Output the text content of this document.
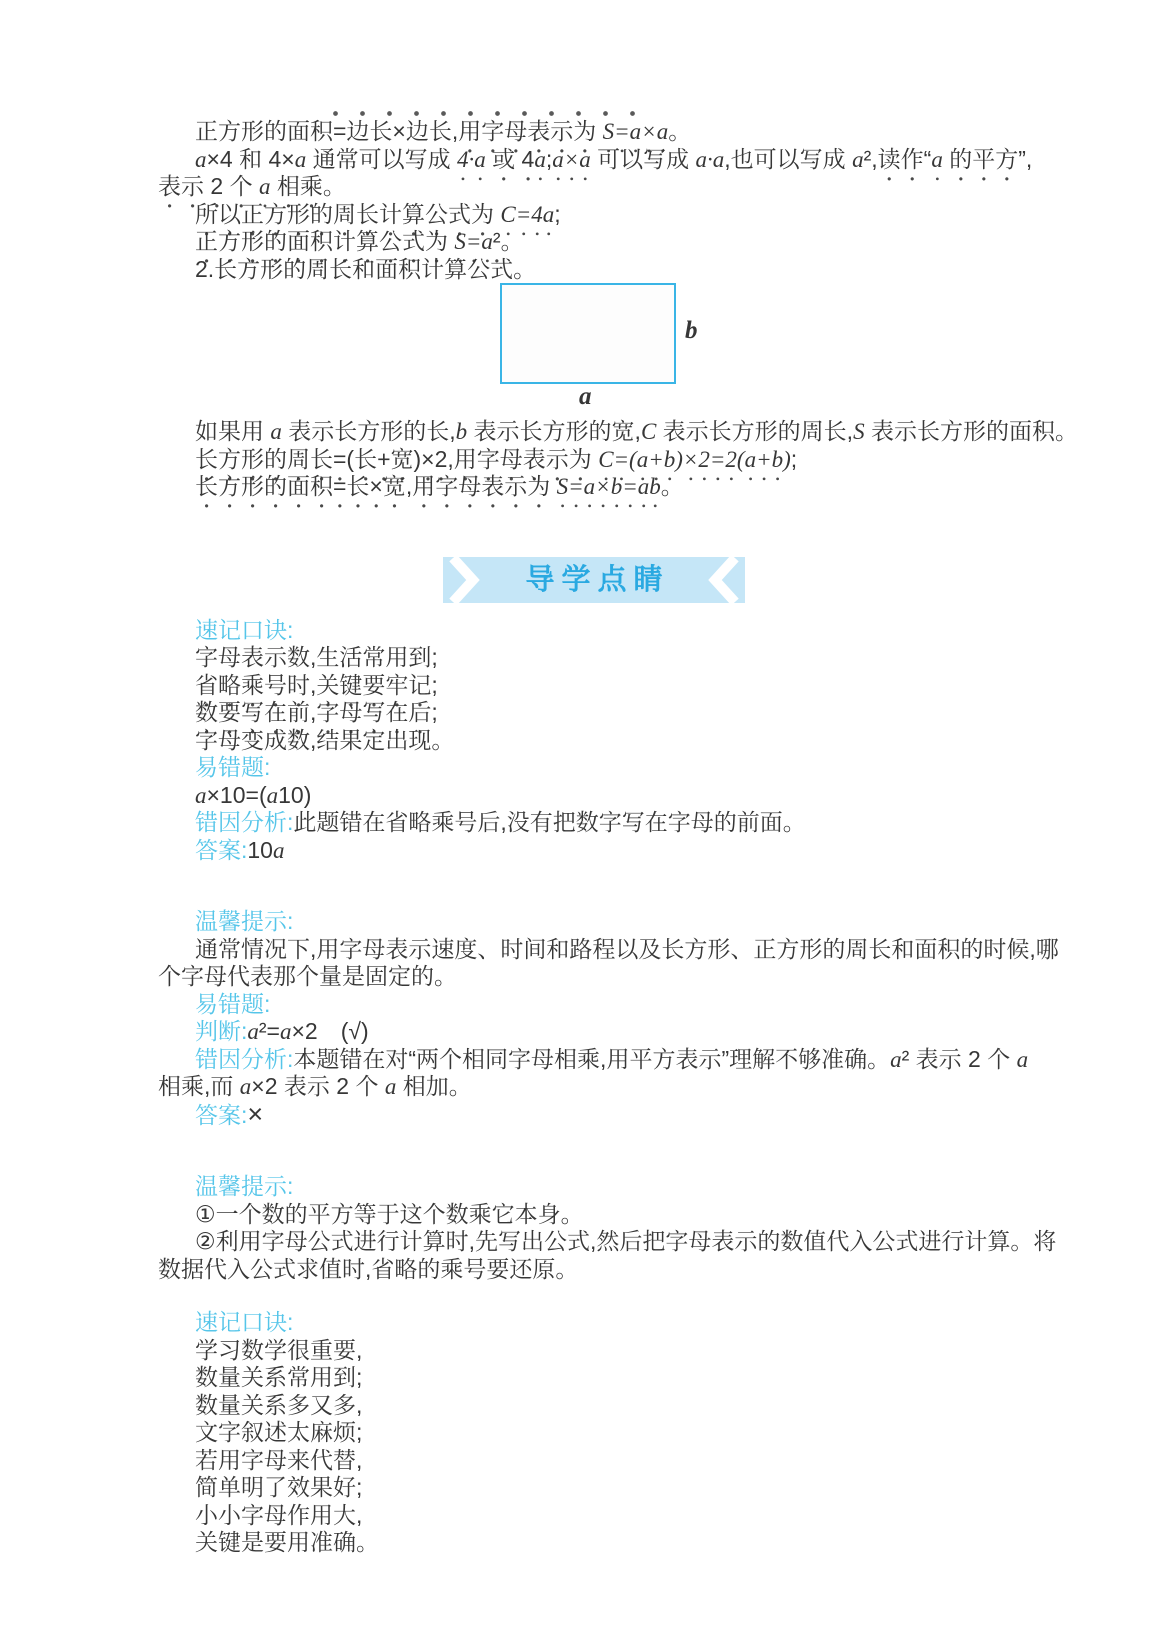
正方形的面积=边长×边长,用字母表示为 S=a×a。
a×4 和 4×a 通常可以写成 4·a 或 4a;a×a 可以写成 a·a,也可以写成 a²,读作“a 的平方”,
表示 2 个 a 相乘。
所以正方形的周长计算公式为 C=4a;
正方形的面积计算公式为 S=a²。
2.长方形的周长和面积计算公式。
b
a
如果用 a 表示长方形的长,b 表示长方形的宽,C 表示长方形的周长,S 表示长方形的面积。
长方形的周长=(长+宽)×2,用字母表示为 C=(a+b)×2=2(a+b);
长方形的面积=长×宽,用字母表示为 S=a×b=ab。
导学点睛
速记口诀:
字母表示数,生活常用到;
省略乘号时,关键要牢记;
数要写在前,字母写在后;
字母变成数,结果定出现。
易错题:
a×10=(a10)
错因分析:此题错在省略乘号后,没有把数字写在字母的前面。
答案:10a
温馨提示:
通常情况下,用字母表示速度、时间和路程以及长方形、正方形的周长和面积的时候,哪
个字母代表那个量是固定的。
易错题:
判断:a²=a×2  (√)
错因分析:本题错在对“两个相同字母相乘,用平方表示”理解不够准确。a² 表示 2 个 a
相乘,而 a×2 表示 2 个 a 相加。
答案:×
温馨提示:
①一个数的平方等于这个数乘它本身。
②利用字母公式进行计算时,先写出公式,然后把字母表示的数值代入公式进行计算。将
数据代入公式求值时,省略的乘号要还原。
速记口诀:
学习数学很重要,
数量关系常用到;
数量关系多又多,
文字叙述太麻烦;
若用字母来代替,
简单明了效果好;
小小字母作用大,
关键是要用准确。
